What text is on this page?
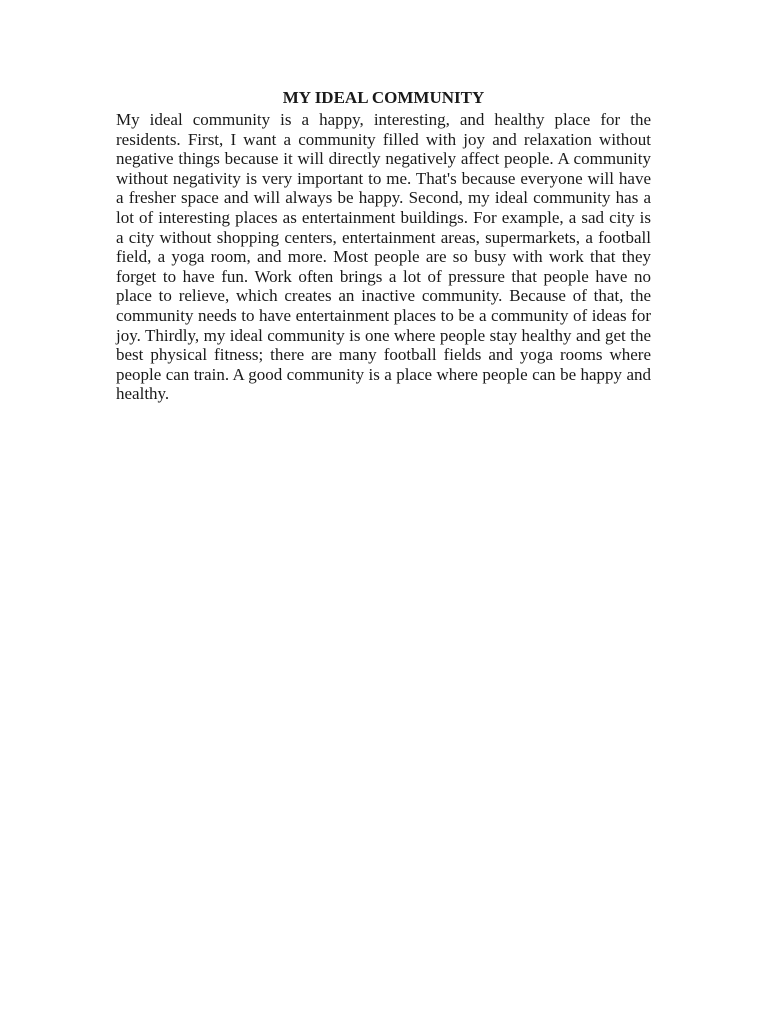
MY IDEAL COMMUNITY

My ideal community is a happy, interesting, and healthy place for the residents. First, I want a community filled with joy and relaxation without negative things because it will directly negatively affect people. A community without negativity is very important to me. That's because everyone will have a fresher space and will always be happy. Second, my ideal community has a lot of interesting places as entertainment buildings. For example, a sad city is a city without shopping centers, entertainment areas, supermarkets, a football field, a yoga room, and more. Most people are so busy with work that they forget to have fun. Work often brings a lot of pressure that people have no place to relieve, which creates an inactive community. Because of that, the community needs to have entertainment places to be a community of ideas for joy. Thirdly, my ideal community is one where people stay healthy and get the best physical fitness; there are many football fields and yoga rooms where people can train. A good community is a place where people can be happy and healthy.
